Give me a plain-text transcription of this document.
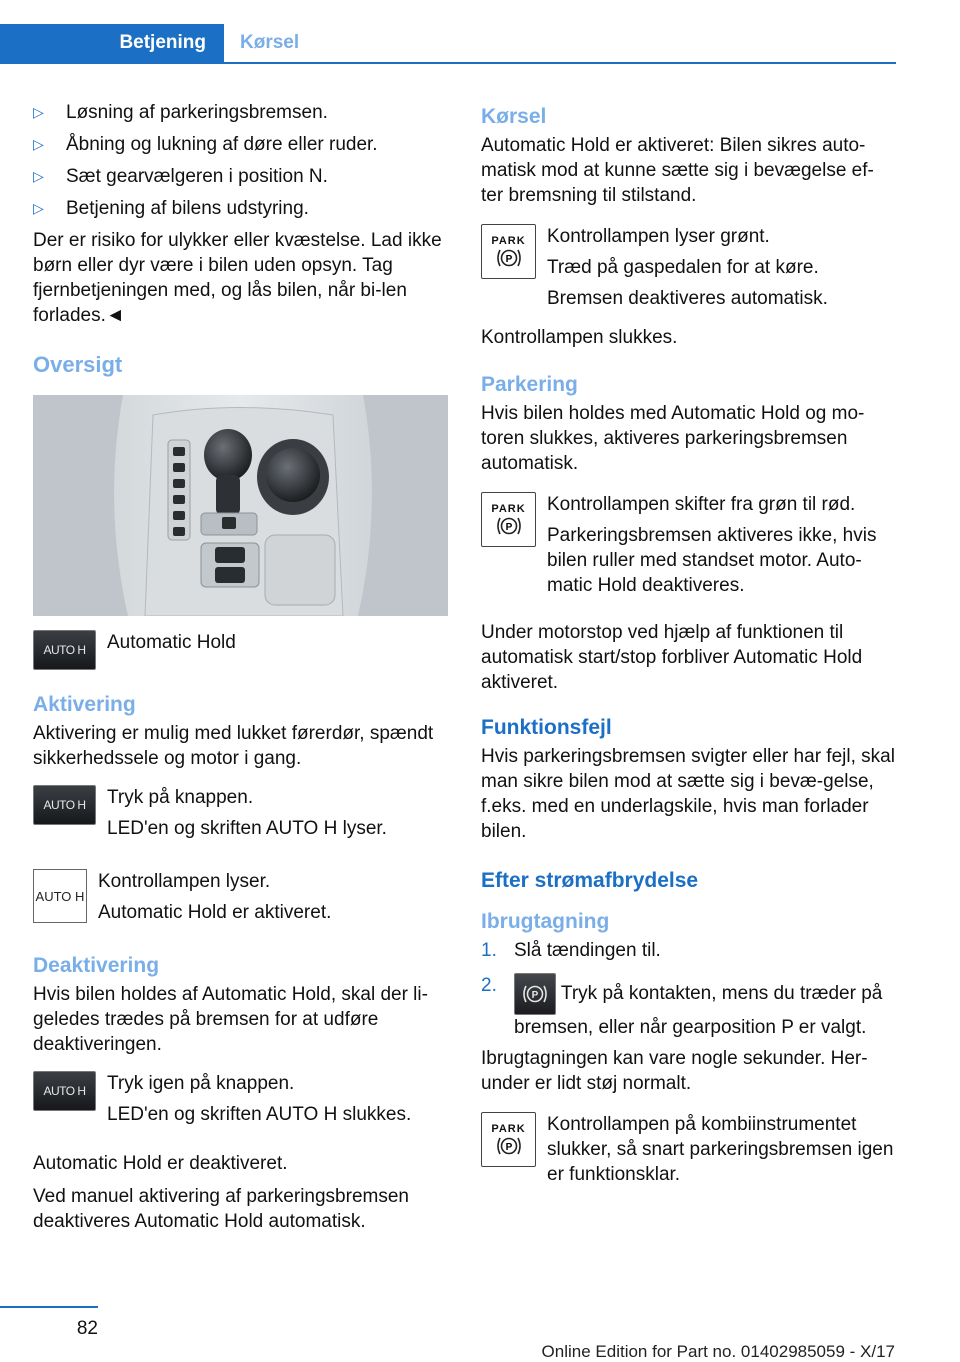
Betjening	Kørsel
▷ Løsning af parkeringsbremsen.
▷ Åbning og lukning af døre eller ruder.
▷ Sæt gearvælgeren i position N.
▷ Betjening af bilens udstyring.

Der er risiko for ulykker eller kvæstelse. Lad ikke børn eller dyr være i bilen uden opsyn. Tag fjernbetjeningen med, og lås bilen, når bi‐len forlades.◄

Oversigt
AUTO H Automatic Hold

Aktivering

Aktivering er mulig med lukket førerdør, spændt sikkerhedssele og motor i gang.

AUTO H Tryk på knappen.

LED'en og skriften AUTO H lyser.

AUTO H

Kontrollampen lyser.

Automatic Hold er aktiveret.

Deaktivering

Hvis bilen holdes af Automatic Hold, skal der li‐geledes trædes på bremsen for at udføre deaktiveringen.

AUTO H Tryk igen på knappen.

LED'en og skriften AUTO H slukkes.

Automatic Hold er deaktiveret.

Ved manuel aktivering af parkeringsbremsen deaktiveres Automatic Hold automatisk.

Kørsel

Automatic Hold er aktiveret: Bilen sikres auto‐matisk mod at kunne sætte sig i bevægelse ef‐ter bremsning til stilstand.

PARK
P

Kontrollampen lyser grønt.

Træd på gaspedalen for at køre.

Bremsen deaktiveres automatisk.

Kontrollampen slukkes.

Parkering

Hvis bilen holdes med Automatic Hold og mo‐toren slukkes, aktiveres parkeringsbremsen automatisk.

PARK
P

Kontrollampen skifter fra grøn til rød.

Parkeringsbremsen aktiveres ikke, hvis bilen ruller med standset motor. Auto‐matic Hold deaktiveres.

Under motorstop ved hjælp af funktionen til automatisk start/stop forbliver Automatic Hold aktiveret.

Funktionsfejl

Hvis parkeringsbremsen svigter eller har fejl, skal man sikre bilen mod at sætte sig i bevæ‐gelse, f.eks. med en underlagskile, hvis man forlader bilen.

Efter strømafbrydelse
Ibrugtagning
1. Slå tændingen til.
2.	P Tryk på kontakten, mens du træder på bremsen, eller når gearposition P er valgt.

Ibrugtagningen kan vare nogle sekunder. Her‐under er lidt støj normalt.

PARK
P

Kontrollampen på kombiinstrumentet slukker, så snart parkeringsbremsen igen er funktionsklar.

82
Online Edition for Part no. 01402985059 - X/17
